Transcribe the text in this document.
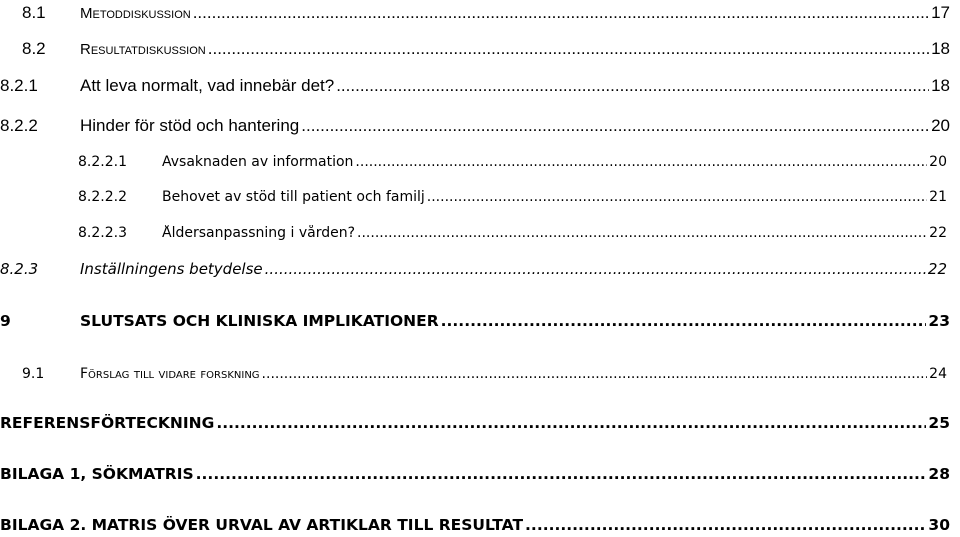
8.1	Metoddiskussion .....	17
8.2	Resultatdiskussion .....	18
8.2.1	Att leva normalt, vad innebär det? .....	18
8.2.2	Hinder för stöd och hantering .....	20
8.2.2.1	Avsaknaden av information .....	20
8.2.2.2	Behovet av stöd till patient och familj .....	21
8.2.2.3	Åldersanpassning i vården? .....	22
8.2.3	Inställningens betydelse .....	22
9	SLUTSATS OCH KLINISKA IMPLIKATIONER .....	23
9.1	Förslag till vidare forskning .....	24
REFERENSFÖRTECKNING .....	25
BILAGA 1, SÖKMATRIS .....	28
BILAGA 2. MATRIS ÖVER URVAL AV ARTIKLAR TILL RESULTAT .....	30
